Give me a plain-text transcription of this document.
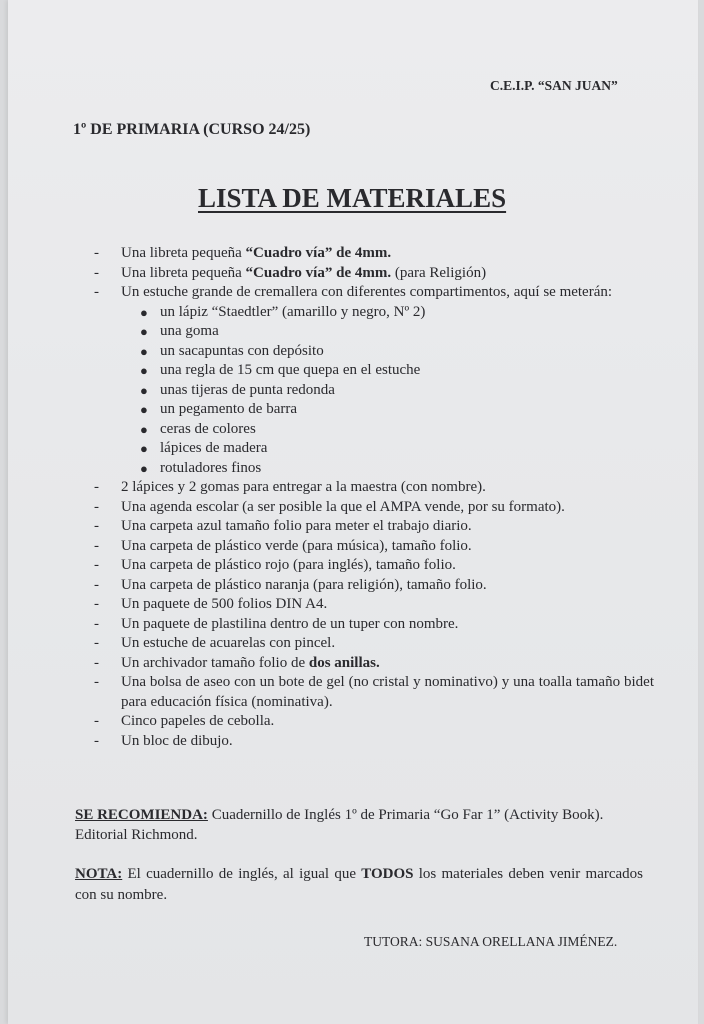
C.E.I.P. “SAN JUAN”
1º DE PRIMARIA (CURSO 24/25)
LISTA DE MATERIALES
- Una libreta pequeña “Cuadro vía” de 4mm.
- Una libreta pequeña “Cuadro vía” de 4mm. (para Religión)
- Un estuche grande de cremallera con diferentes compartimentos, aquí se meterán:
● un lápiz “Staedtler” (amarillo y negro, Nº 2)
● una goma
● un sacapuntas con depósito
● una regla de 15 cm que quepa en el estuche
● unas tijeras de punta redonda
● un pegamento de barra
● ceras de colores
● lápices de madera
● rotuladores finos
- 2 lápices y 2 gomas para entregar a la maestra (con nombre).
- Una agenda escolar (a ser posible la que el AMPA vende, por su formato).
- Una carpeta azul tamaño folio para meter el trabajo diario.
- Una carpeta de plástico verde (para música), tamaño folio.
- Una carpeta de plástico rojo (para inglés), tamaño folio.
- Una carpeta de plástico naranja (para religión), tamaño folio.
- Un paquete de 500 folios DIN A4.
- Un paquete de plastilina dentro de un tuper con nombre.
- Un estuche de acuarelas con pincel.
- Un archivador tamaño folio de dos anillas.
- Una bolsa de aseo con un bote de gel (no cristal y nominativo) y una toalla tamaño bidet para educación física (nominativa).
- Cinco papeles de cebolla.
- Un bloc de dibujo.
SE RECOMIENDA: Cuadernillo de Inglés 1º de Primaria “Go Far 1” (Activity Book). Editorial Richmond.
NOTA: El cuadernillo de inglés, al igual que TODOS los materiales deben venir marcados con su nombre.
TUTORA: SUSANA ORELLANA JIMÉNEZ.
